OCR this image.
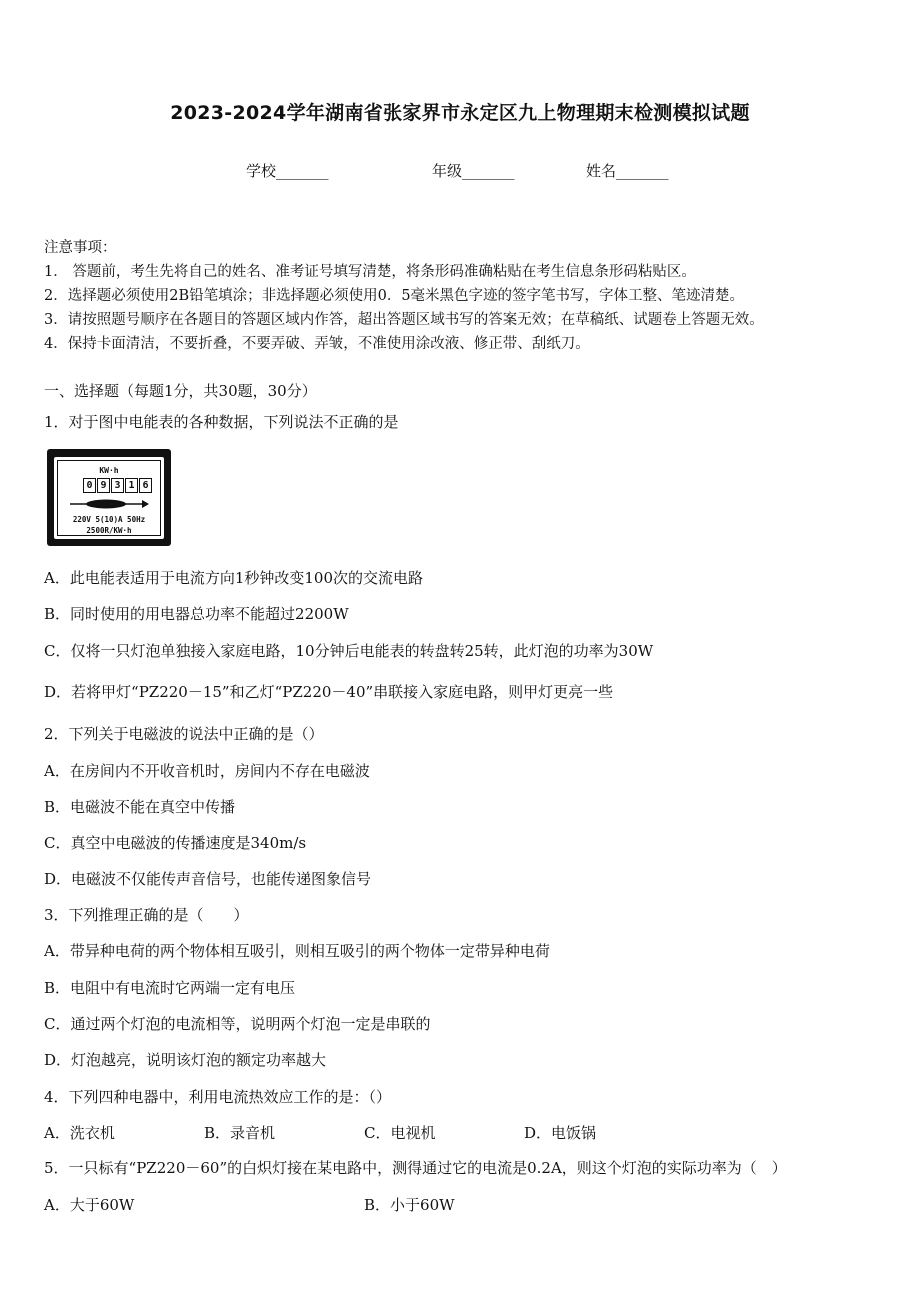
2023-2024学年湖南省张家界市永定区九上物理期末检测模拟试题
学校_______	年级_______	姓名_______
注意事项：
1． 答题前，考生先将自己的姓名、准考证号填写清楚，将条形码准确粘贴在考生信息条形码粘贴区。
2．选择题必须使用2B铅笔填涂；非选择题必须使用0．5毫米黑色字迹的签字笔书写，字体工整、笔迹清楚。
3．请按照题号顺序在各题目的答题区域内作答，超出答题区域书写的答案无效；在草稿纸、试题卷上答题无效。
4．保持卡面清洁，不要折叠，不要弄破、弄皱，不准使用涂改液、修正带、刮纸刀。
一、选择题（每题1分，共30题，30分）
1．对于图中电能表的各种数据，下列说法不正确的是
KW·h
0 9 3 1 6
220V 5(10)A 50Hz
2500R/KW·h
A．此电能表适用于电流方向1秒钟改变100次的交流电路
B．同时使用的用电器总功率不能超过2200W
C．仅将一只灯泡单独接入家庭电路，10分钟后电能表的转盘转25转，此灯泡的功率为30W
D．若将甲灯“PZ220－15”和乙灯“PZ220－40”串联接入家庭电路，则甲灯更亮一些
2．下列关于电磁波的说法中正确的是（）
A．在房间内不开收音机时，房间内不存在电磁波
B．电磁波不能在真空中传播
C．真空中电磁波的传播速度是340m/s
D．电磁波不仅能传声音信号，也能传递图象信号
3．下列推理正确的是（　　）
A．带异种电荷的两个物体相互吸引，则相互吸引的两个物体一定带异种电荷
B．电阻中有电流时它两端一定有电压
C．通过两个灯泡的电流相等，说明两个灯泡一定是串联的
D．灯泡越亮，说明该灯泡的额定功率越大
4．下列四种电器中，利用电流热效应工作的是：（）
A．洗衣机	B．录音机	C．电视机	D．电饭锅
5．一只标有“PZ220－60”的白炽灯接在某电路中，测得通过它的电流是0.2A，则这个灯泡的实际功率为（　）
A．大于60W	B．小于60W
